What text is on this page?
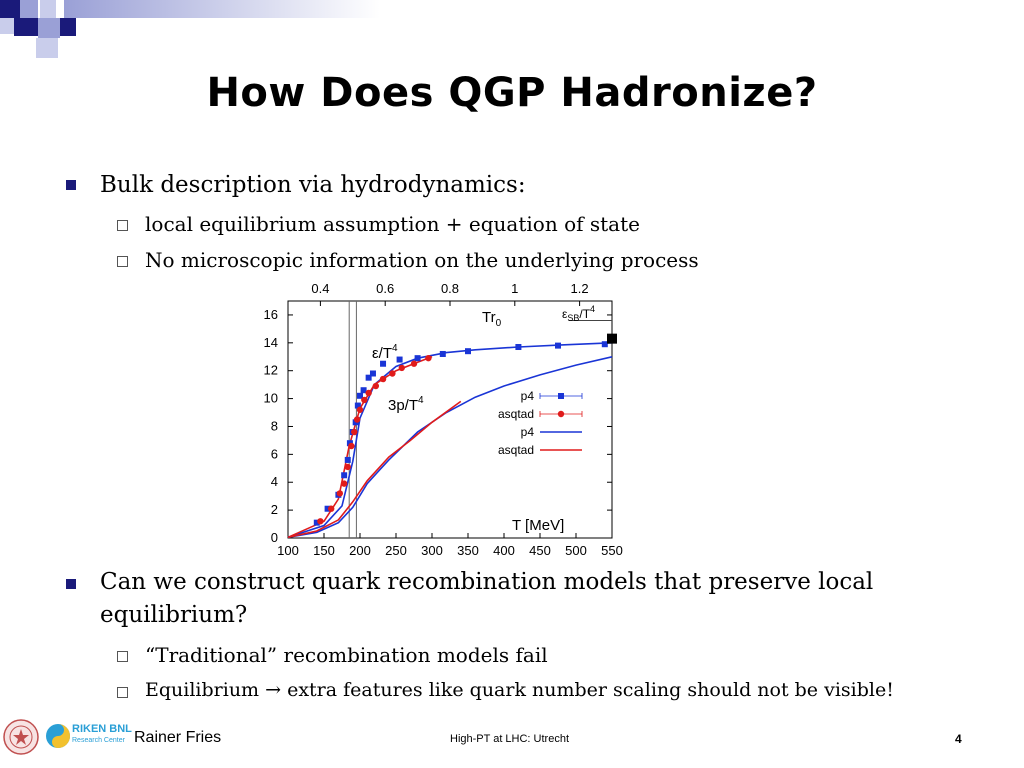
How Does QGP Hadronize?
Bulk description via hydrodynamics:
local equilibrium assumption + equation of state
No microscopic information on the underlying process
100 150 200 250 300 350 400 450 500 550
0.4	0.6	0.8	1	1.2
0
2
4
6
8
10
12
14
16
p4
asqtad
p4
asqtad
$\varepsilon/T^4$
$3p/T^4$
$Tr_0$
$\varepsilon_{SB}/T^4$
T [MeV]
Can we construct quark recombination models that preserve local
equilibrium?
“Traditional” recombination models fail
Equilibrium → extra features like quark number scaling should not be visible!
RIKEN BNL
Research Center Rainer Fries	High-PT at LHC: Utrecht	4
